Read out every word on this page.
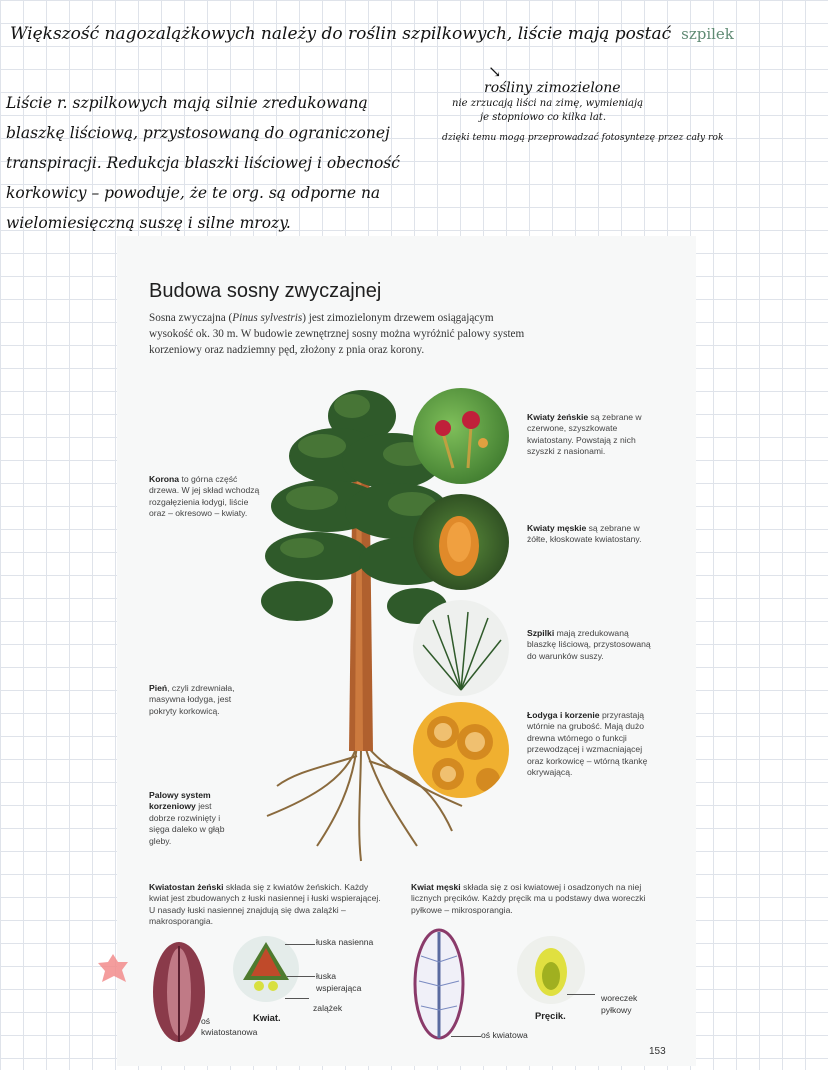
Większość nagozalążkowych należy do roślin szpilkowych, liście mają postać szpilek
Liście r. szpilkowych mają silnie zredukowaną
blaszkę liściową, przystosowaną do ograniczonej
transpiracji. Redukcja blaszki liściowej i obecność
korkowicy – powoduje, że te org. są odporne na
wielomiesięczną suszę i silne mrozy.
↘
rośliny zimozielone
nie zrzucają liści na zimę, wymieniają
je stopniowo co kilka lat.
dzięki temu mogą przeprowadzać fotosyntezę przez cały rok
Budowa sosny zwyczajnej
Sosna zwyczajna (Pinus sylvestris) jest zimozielonym drzewem osiągającym wysokość ok. 30 m. W budowie zewnętrznej sosny można wyróżnić palowy system korzeniowy oraz nadziemny pęd, złożony z pnia oraz korony.
Korona to górna część drzewa. W jej skład wchodzą rozgałęzienia łodygi, liście oraz – okresowo – kwiaty.
Pień, czyli zdrewniała, masywna łodyga, jest pokryty korkowicą.
Palowy system korzeniowy jest dobrze rozwinięty i sięga daleko w głąb gleby.
Kwiaty żeńskie są zebrane w czerwone, szyszkowate kwiatostany. Powstają z nich szyszki z nasionami.
Kwiaty męskie są zebrane w żółte, kłoskowate kwiatostany.
Szpilki mają zredukowaną blaszkę liściową, przystosowaną do warunków suszy.
Łodyga i korzenie przyrastają wtórnie na grubość. Mają dużo drewna wtórnego o funkcji przewodzącej i wzmacniającej oraz korkowicę – wtórną tkankę okrywającą.
Kwiatostan żeński składa się z kwiatów żeńskich. Każdy kwiat jest zbudowanych z łuski nasiennej i łuski wspierającej. U nasady łuski nasiennej znajdują się dwa zalążki – makrosporangia.
Kwiat męski składa się z osi kwiatowej i osadzonych na niej licznych pręcików. Każdy pręcik ma u podstawy dwa woreczki pyłkowe – mikrosporangia.
łuska nasienna
łuska
wspierająca
zalążek
Kwiat.
oś
kwiatostanowa	oś kwiatowa
woreczek
pyłkowy
Pręcik.
153
